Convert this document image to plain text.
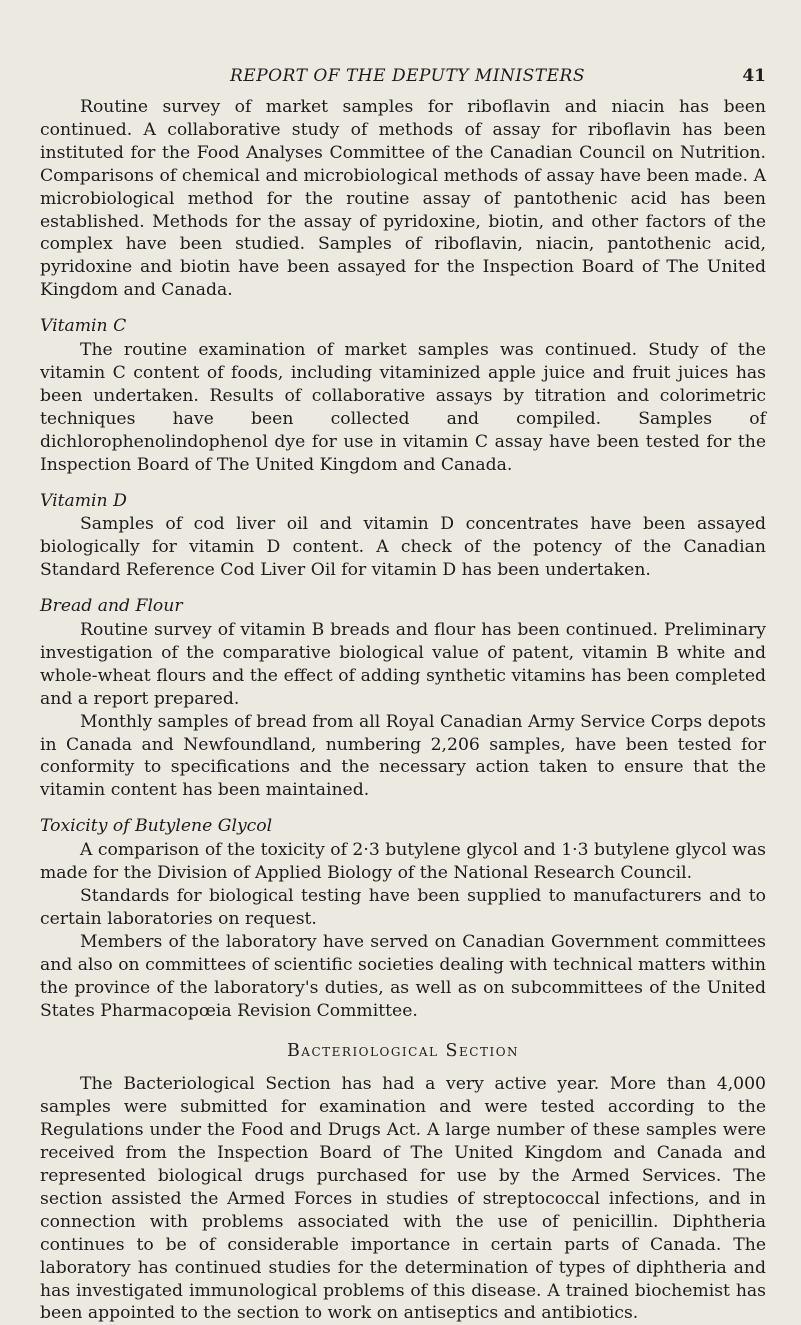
REPORT OF THE DEPUTY MINISTERS	41

Routine survey of market samples for riboflavin and niacin has been continued. A collaborative study of methods of assay for riboflavin has been instituted for the Food Analyses Committee of the Canadian Council on Nutrition. Comparisons of chemical and microbiological methods of assay have been made. A microbiological method for the routine assay of pantothenic acid has been established. Methods for the assay of pyridoxine, biotin, and other factors of the complex have been studied. Samples of riboflavin, niacin, pantothenic acid, pyridoxine and biotin have been assayed for the Inspection Board of The United Kingdom and Canada.

Vitamin C

The routine examination of market samples was continued. Study of the vitamin C content of foods, including vitaminized apple juice and fruit juices has been undertaken. Results of collaborative assays by titration and colorimetric techniques have been collected and compiled. Samples of dichlorophenolindophenol dye for use in vitamin C assay have been tested for the Inspection Board of The United Kingdom and Canada.

Vitamin D

Samples of cod liver oil and vitamin D concentrates have been assayed biologically for vitamin D content. A check of the potency of the Canadian Standard Reference Cod Liver Oil for vitamin D has been undertaken.

Bread and Flour

Routine survey of vitamin B breads and flour has been continued. Preliminary investigation of the comparative biological value of patent, vitamin B white and whole-wheat flours and the effect of adding synthetic vitamins has been completed and a report prepared.

Monthly samples of bread from all Royal Canadian Army Service Corps depots in Canada and Newfoundland, numbering 2,206 samples, have been tested for conformity to specifications and the necessary action taken to ensure that the vitamin content has been maintained.

Toxicity of Butylene Glycol

A comparison of the toxicity of 2·3 butylene glycol and 1·3 butylene glycol was made for the Division of Applied Biology of the National Research Council.

Standards for biological testing have been supplied to manufacturers and to certain laboratories on request.

Members of the laboratory have served on Canadian Government committees and also on committees of scientific societies dealing with technical matters within the province of the laboratory's duties, as well as on subcommittees of the United States Pharmacopœia Revision Committee.

Bacteriological Section

The Bacteriological Section has had a very active year. More than 4,000 samples were submitted for examination and were tested according to the Regulations under the Food and Drugs Act. A large number of these samples were received from the Inspection Board of The United Kingdom and Canada and represented biological drugs purchased for use by the Armed Services. The section assisted the Armed Forces in studies of streptococcal infections, and in connection with problems associated with the use of penicillin. Diphtheria continues to be of considerable importance in certain parts of Canada. The laboratory has continued studies for the determination of types of diphtheria and has investigated immunological problems of this disease. A trained biochemist has been appointed to the section to work on antiseptics and antibiotics.
